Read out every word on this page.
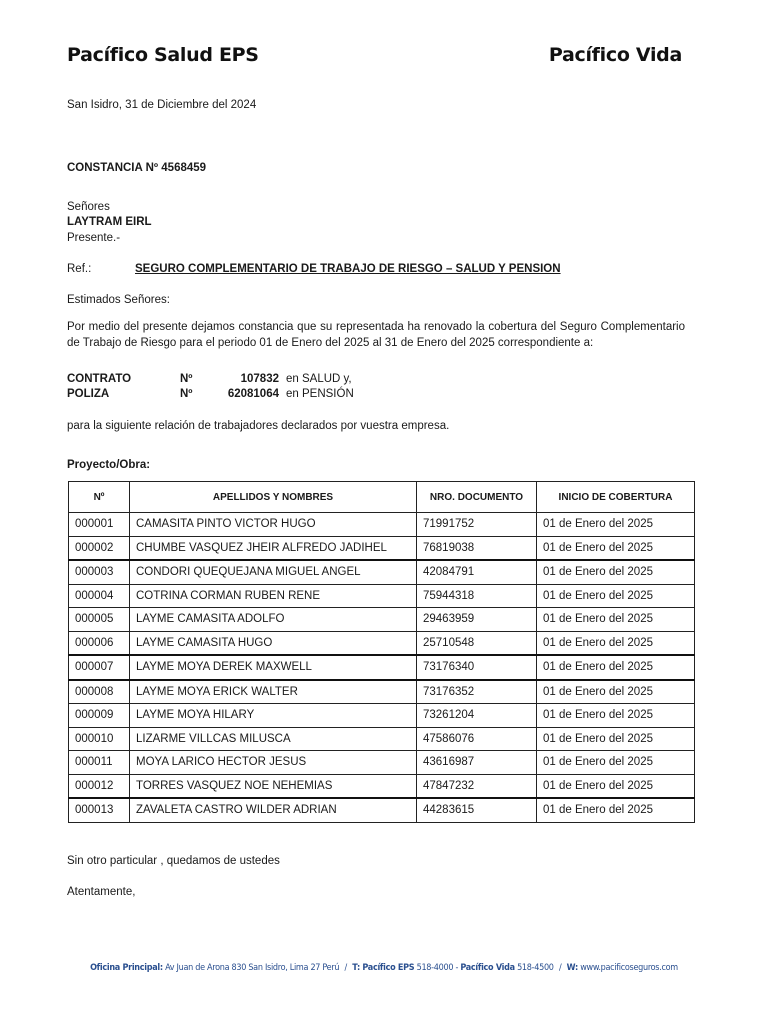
Pacífico Salud EPS	Pacífico Vida
San Isidro, 31 de Diciembre del 2024
CONSTANCIA Nº 4568459
Señores
LAYTRAM EIRL
Presente.-
Ref.:	SEGURO COMPLEMENTARIO DE TRABAJO DE RIESGO – SALUD Y PENSION
Estimados Señores:
Por medio del presente dejamos constancia que su representada ha renovado la cobertura del Seguro Complementario de Trabajo de Riesgo para el periodo 01 de Enero del 2025 al 31 de Enero del 2025 correspondiente a:
CONTRATO	Nº	107832 en SALUD y,
POLIZA	Nº	62081064 en PENSIÓN
para la siguiente relación de trabajadores declarados por vuestra empresa.
Proyecto/Obra:
Nº	APELLIDOS Y NOMBRES	NRO. DOCUMENTO	INICIO DE COBERTURA
000001	CAMASITA PINTO VICTOR HUGO	71991752	01 de Enero del 2025
000002	CHUMBE VASQUEZ JHEIR ALFREDO JADIHEL	76819038	01 de Enero del 2025
000003	CONDORI QUEQUEJANA MIGUEL ANGEL	42084791	01 de Enero del 2025
000004	COTRINA CORMAN RUBEN RENE	75944318	01 de Enero del 2025
000005	LAYME CAMASITA ADOLFO	29463959	01 de Enero del 2025
000006	LAYME CAMASITA HUGO	25710548	01 de Enero del 2025
000007	LAYME MOYA DEREK MAXWELL	73176340	01 de Enero del 2025
000008	LAYME MOYA ERICK WALTER	73176352	01 de Enero del 2025
000009	LAYME MOYA HILARY	73261204	01 de Enero del 2025
000010	LIZARME VILLCAS MILUSCA	47586076	01 de Enero del 2025
000011	MOYA LARICO HECTOR JESUS	43616987	01 de Enero del 2025
000012	TORRES VASQUEZ NOE NEHEMIAS	47847232	01 de Enero del 2025
000013	ZAVALETA CASTRO WILDER ADRIAN	44283615	01 de Enero del 2025
Sin otro particular , quedamos de ustedes
Atentamente,
Oficina Principal: Av Juan de Arona 830 San Isidro, Lima 27 Perú / T: Pacífico EPS 518-4000 - Pacífico Vida 518-4500 / W: www.pacificoseguros.com
